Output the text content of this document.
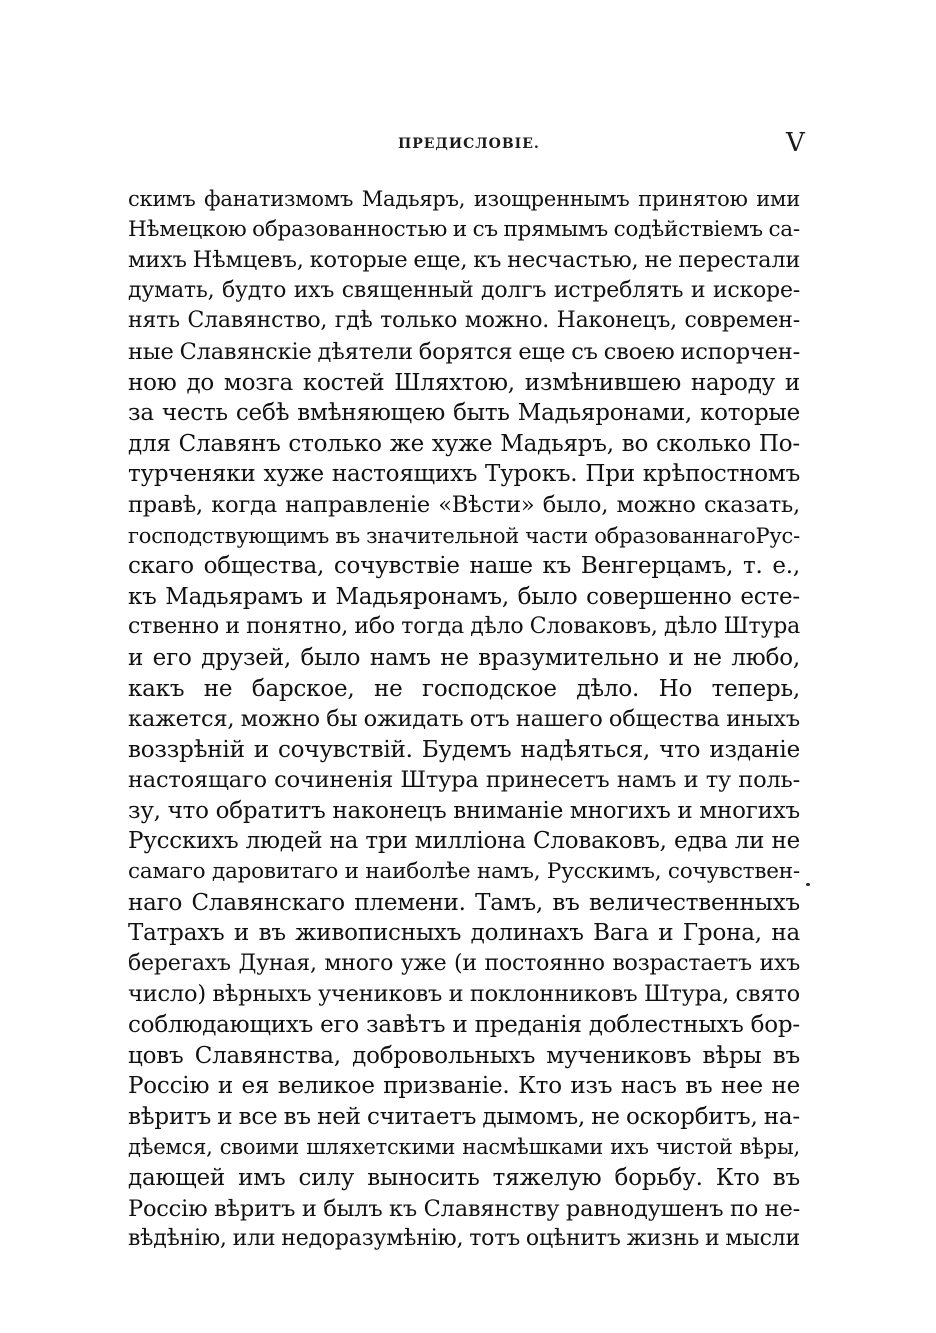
ПРЕДИСЛОВІЕ.	V
скимъ фанатизмомъ Мадьяръ, изощреннымъ принятою ими
Нѣмецкою образованностью и съ прямымъ содѣйствіемъ са-
михъ Нѣмцевъ, которые еще, къ несчастью, не перестали
думать, будто ихъ священный долгъ истреблять и искоре-
нять Славянство, гдѣ только можно. Наконецъ, современ-
ные Славянскіе дѣятели борятся еще съ своею испорчен-
ною до мозга костей Шляхтою, измѣнившею народу и
за честь себѣ вмѣняющею быть Мадьяронами, которые
для Славянъ столько же хуже Мадьяръ, во сколько По-
турченяки хуже настоящихъ Турокъ. При крѣпостномъ
правѣ, когда направленіе «Вѣсти» было, можно сказать,
господствующимъ въ значительной части образованнагоРус-
скаго общества, сочувствіе наше къ Венгерцамъ, т. е.,
къ Мадьярамъ и Мадьяронамъ, было совершенно есте-
ственно и понятно, ибо тогда дѣло Словаковъ, дѣло Штура
и его друзей, было намъ не вразумительно и не любо,
какъ не барское, не господское дѣло. Но теперь,
кажется, можно бы ожидать отъ нашего общества иныхъ
воззрѣній и сочувствій. Будемъ надѣяться, что изданіе
настоящаго сочиненія Штура принесетъ намъ и ту поль-
зу, что обратитъ наконецъ вниманіе многихъ и многихъ
Русскихъ людей на три милліона Словаковъ, едва ли не
самаго даровитаго и наиболѣе намъ, Русскимъ, сочувствен-
наго Славянскаго племени. Тамъ, въ величественныхъ
Татрахъ и въ живописныхъ долинахъ Вага и Грона, на
берегахъ Дуная, много уже (и постоянно возрастаетъ ихъ
число) вѣрныхъ учениковъ и поклонниковъ Штура, свято
соблюдающихъ его завѣтъ и преданія доблестныхъ бор-
цовъ Славянства, добровольныхъ мучениковъ вѣры въ
Россію и ея великое призваніе. Кто изъ насъ въ нее не
вѣритъ и все въ ней считаетъ дымомъ, не оскорбитъ, на-
дѣемся, своими шляхетскими насмѣшками ихъ чистой вѣры,
дающей имъ силу выносить тяжелую борьбу. Кто въ
Россію вѣритъ и былъ къ Славянству равнодушенъ по не-
вѣдѣнію, или недоразумѣнію, тотъ оцѣнитъ жизнь и мысли
